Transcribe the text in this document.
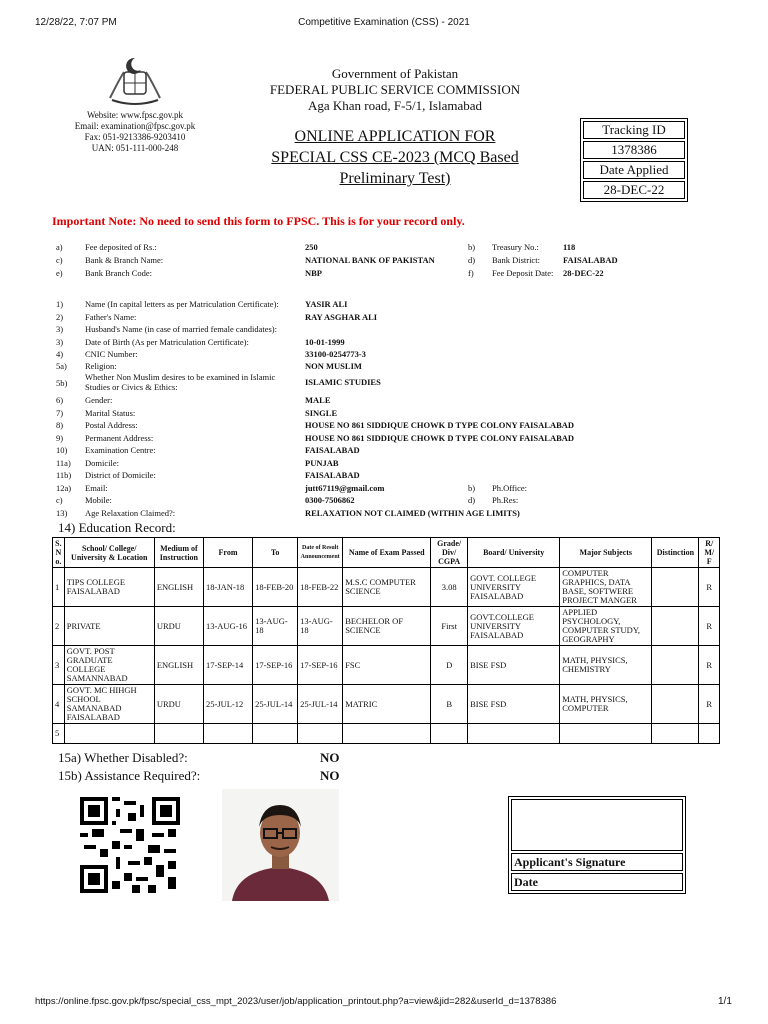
12/28/22, 7:07 PM	Competitive Examination (CSS) - 2021
https://online.fpsc.gov.pk/fpsc/special_css_mpt_2023/user/job/application_printout.php?a=view&jid=282&userId_d=1378386	1/1
Government of Pakistan
FEDERAL PUBLIC SERVICE COMMISSION
Aga Khan road, F-5/1, Islamabad
Website: www.fpsc.gov.pk
Email: examination@fpsc.gov.pk
Fax: 051-9213386-9203410
UAN: 051-111-000-248
ONLINE APPLICATION FOR
SPECIAL CSS CE-2023 (MCQ Based
Preliminary Test)
Tracking ID
1378386
Date Applied
28-DEC-22
Important Note: No need to send this form to FPSC. This is for your record only.
a)	Fee deposited of Rs.:	250	b) Treasury No.:	118
c)	Bank & Branch Name:	NATIONAL BANK OF PAKISTAN	d) Bank District:	FAISALABAD
e)	Bank Branch Code:	NBP	f) Fee Deposit Date: 28-DEC-22
1)	Name (In capital letters as per Matriculation Certificate):	YASIR ALI
2)	Father's Name:	RAY ASGHAR ALI
3)	Husband's Name (in case of married female candidates):
3)	Date of Birth (As per Matriculation Certificate):	10-01-1999
4)	CNIC Number:	33100-0254773-3
5a) Religion:	NON MUSLIM
5b)
Whether Non Muslim desires to be examined in Islamic
Studies or Civics & Ethics:	ISLAMIC STUDIES
6)	Gender:	MALE
7)	Marital Status:	SINGLE
8)	Postal Address:	HOUSE NO 861 SIDDIQUE CHOWK D TYPE COLONY FAISALABAD
9)	Permanent Address:	HOUSE NO 861 SIDDIQUE CHOWK D TYPE COLONY FAISALABAD
10) Examination Centre:	FAISALABAD
11a) Domicile:	PUNJAB
11b) District of Domicile:	FAISALABAD
12a) Email:	jutt67119@gmail.com	b) Ph.Office:
c)	Mobile:	0300-7506862	d) Ph.Res:
13) Age Relaxation Claimed?:	RELAXATION NOT CLAIMED (WITHIN AGE LIMITS)
14) Education Record:
S. N o.	School/ College/ University & Location	Medium of Instruction	From	To	Date of Result Announcement	Name of Exam Passed	Grade/ Div/ CGPA	Board/ University	Major Subjects	Distinction	R/ M/ F
1	TIPS COLLEGE FAISALABAD	ENGLISH	18-JAN-18	18-FEB-20	18-FEB-22	M.S.C COMPUTER SCIENCE	3.08	GOVT. COLLEGE UNIVERSITY FAISALABAD	COMPUTER GRAPHICS, DATA BASE, SOFTWERE PROJECT MANGER		R
2	PRIVATE	URDU	13-AUG-16	13-AUG-18	13-AUG-18	BECHELOR OF SCIENCE	First	GOVT.COLLEGE UNIVERSITY FAISALABAD	APPLIED PSYCHOLOGY, COMPUTER STUDY, GEOGRAPHY		R
3	GOVT. POST GRADUATE COLLEGE SAMANNABAD	ENGLISH	17-SEP-14	17-SEP-16	17-SEP-16	FSC	D	BISE FSD	MATH, PHYSICS, CHEMISTRY		R
4	GOVT. MC HIHGH SCHOOL SAMANABAD FAISALABAD	URDU	25-JUL-12	25-JUL-14	25-JUL-14	MATRIC	B	BISE FSD	MATH, PHYSICS, COMPUTER		R
5											
15a) Whether Disabled?:	NO
15b) Assistance Required?:	NO
Applicant's Signature
Date
